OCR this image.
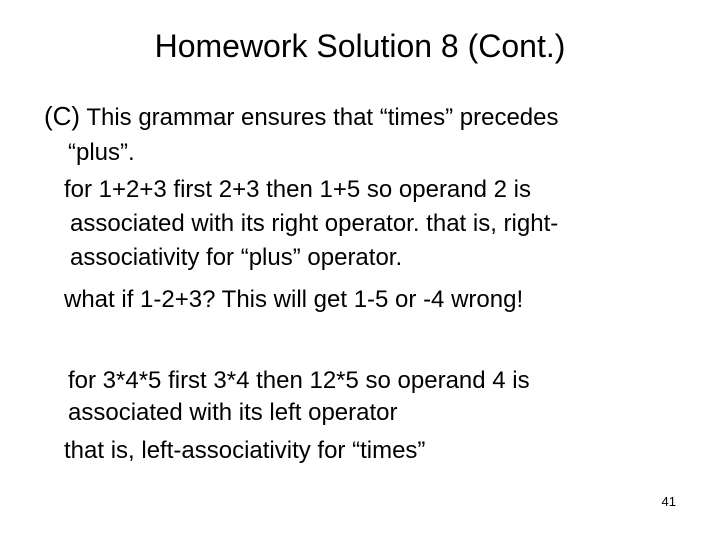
Homework Solution 8 (Cont.)
(C) This grammar ensures that “times” precedes
“plus”.
for 1+2+3 first 2+3 then 1+5 so operand 2 is
associated with its right operator. that is, right-
associativity for “plus” operator.
what if 1-2+3? This will get 1-5 or -4 wrong!
for 3*4*5 first 3*4 then 12*5 so operand 4 is
associated with its left operator
that is, left-associativity for “times”
41
